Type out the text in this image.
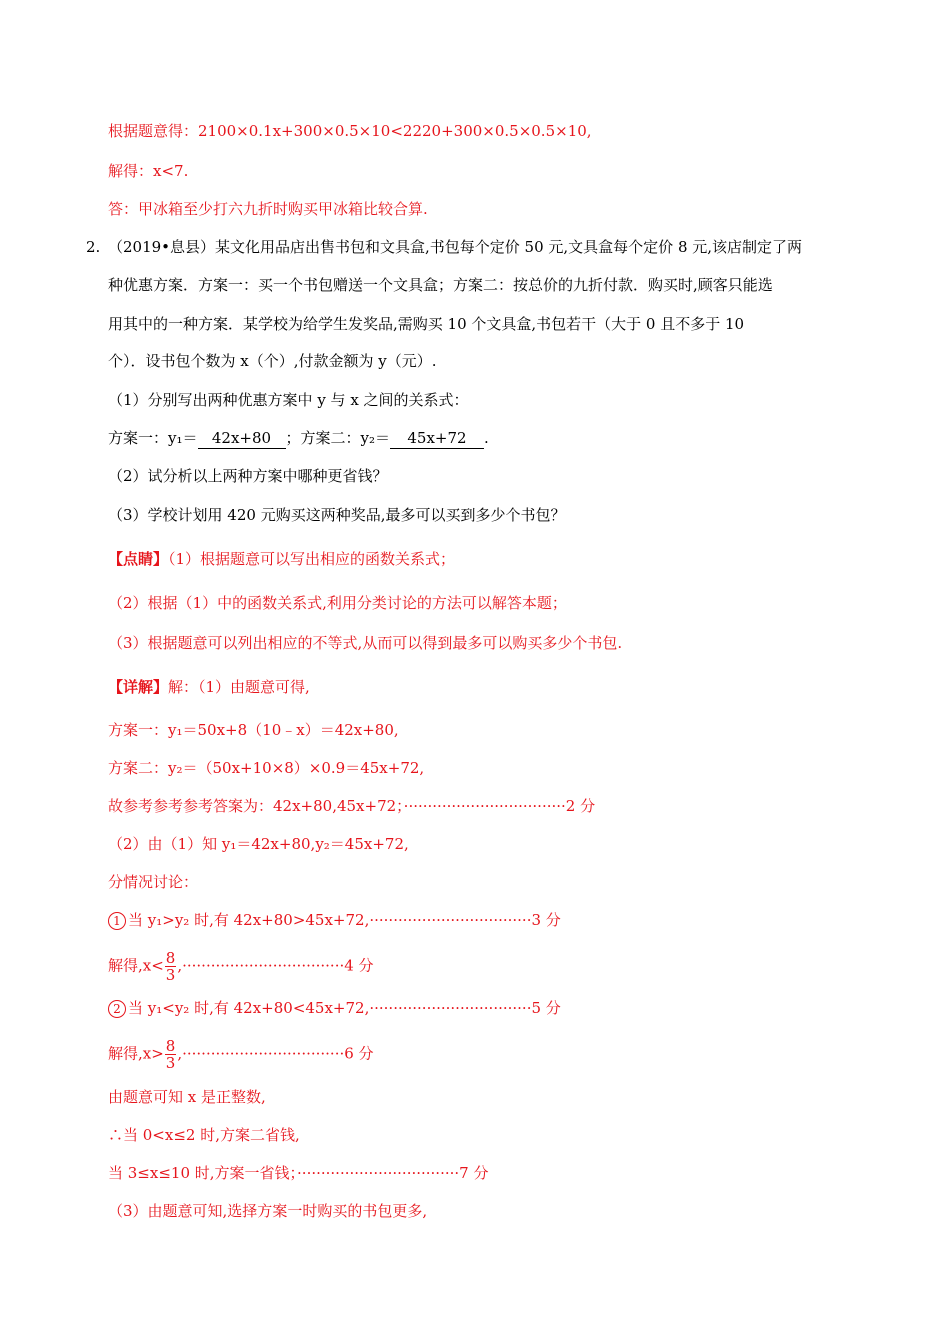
根据题意得：2100×0.1x+300×0.5×10<2220+300×0.5×0.5×10,
解得：x<7.
答：甲冰箱至少打六九折时购买甲冰箱比较合算.
2. （2019•息县）某文化用品店出售书包和文具盒,书包每个定价 50 元,文具盒每个定价 8 元,该店制定了两
种优惠方案．方案一：买一个书包赠送一个文具盒；方案二：按总价的九折付款．购买时,顾客只能选
用其中的一种方案．某学校为给学生发奖品,需购买 10 个文具盒,书包若干（大于 0 且不多于 10
个）．设书包个数为 x（个）,付款金额为 y（元）.
（1）分别写出两种优惠方案中 y 与 x 之间的关系式：
方案一：y₁＝ 42x+80 ；方案二：y₂＝ 45x+72 .
（2）试分析以上两种方案中哪种更省钱？
（3）学校计划用 420 元购买这两种奖品,最多可以买到多少个书包？
【点睛】（1）根据题意可以写出相应的函数关系式；
（2）根据（1）中的函数关系式,利用分类讨论的方法可以解答本题；
（3）根据题意可以列出相应的不等式,从而可以得到最多可以购买多少个书包.
【详解】解：（1）由题意可得,
方案一：y₁＝50x+8（10﹣x）＝42x+80,
方案二：y₂＝（50x+10×8）×0.9＝45x+72,
故参考参考参考答案为：42x+80,45x+72；··································2 分
（2）由（1）知 y₁＝42x+80,y₂＝45x+72,
分情况讨论：
1 当 y₁>y₂ 时,有 42x+80>45x+72,··································3 分
解得$,x< \frac{8}{3} ,\cdot\cdot\cdot\cdot\cdot\cdot\cdot\cdot\cdot\cdot\cdot\cdot\cdot\cdot\cdot\cdot\cdot\cdot\cdot\cdot\cdot\cdot\cdot\cdot\cdot\cdot\cdot\cdot\cdot\cdot\cdot\cdot\cdot\cdot 4$ 分
2 当 y₁<y₂ 时,有 42x+80<45x+72,··································5 分
解得$,x> \frac{8}{3} ,\cdot\cdot\cdot\cdot\cdot\cdot\cdot\cdot\cdot\cdot\cdot\cdot\cdot\cdot\cdot\cdot\cdot\cdot\cdot\cdot\cdot\cdot\cdot\cdot\cdot\cdot\cdot\cdot\cdot\cdot\cdot\cdot\cdot\cdot 6$ 分
由题意可知 x 是正整数,
∴当 0<x≤2 时,方案二省钱,
当 3≤x≤10 时,方案一省钱；··································7 分
（3）由题意可知,选择方案一时购买的书包更多,
